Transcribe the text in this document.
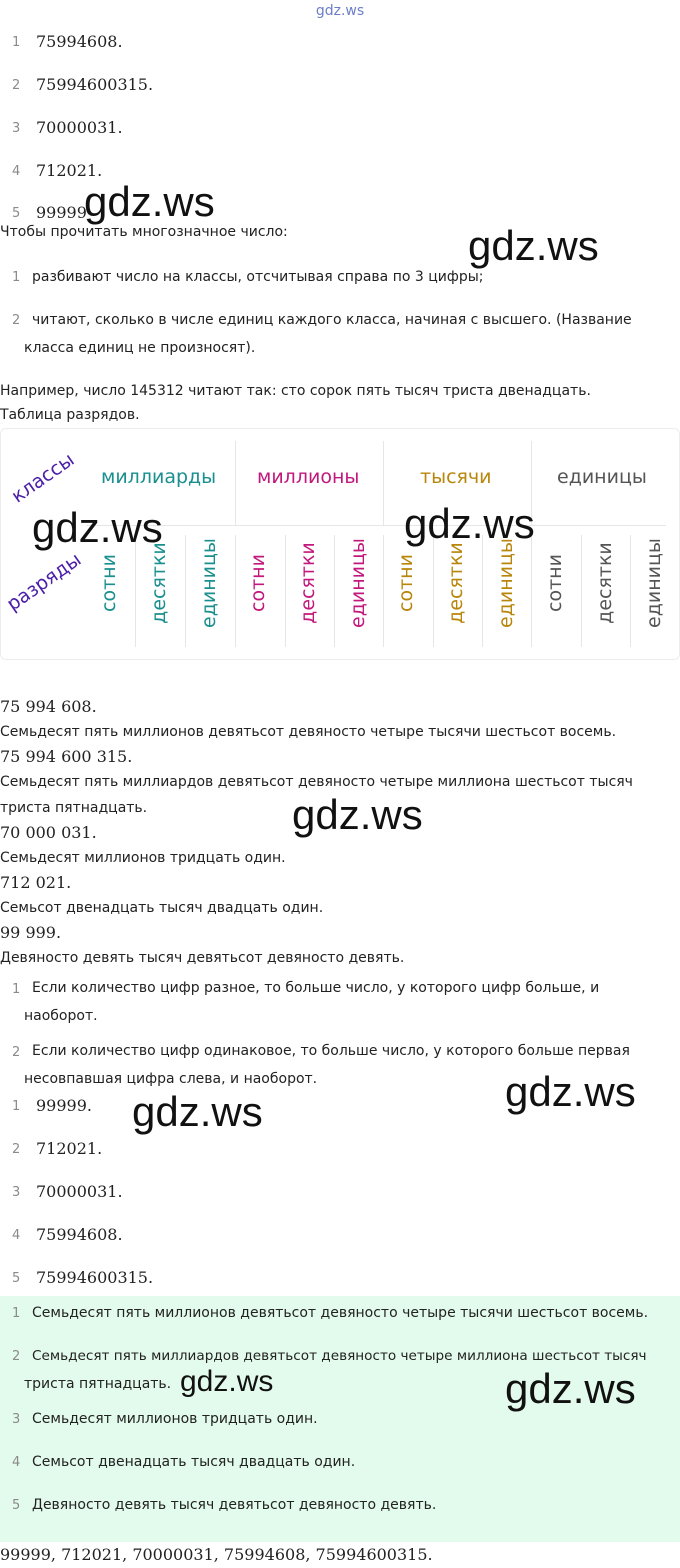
gdz.ws
1 75994608.
2 75994600315.
3 70000031.
4 712021.
5 99999
Чтобы прочитать многозначное число:
1 разбивают число на классы, отсчитывая справа по 3 цифры;
2 читают, сколько в числе единиц каждого класса, начиная с высшего. (Название
класса единиц не произносят).
Например, число 145312 читают так: сто сорок пять тысяч триста двенадцать.
Таблица разрядов.
классы
разряды
миллиарды миллионы	тысячи	единицы
сотни десятки единицы сотни десятки единицы сотни десятки единицы сотни десятки единицы
75 994 608.
Семьдесят пять миллионов девятьсот девяносто четыре тысячи шестьсот восемь.
75 994 600 315.
Семьдесят пять миллиардов девятьсот девяносто четыре миллиона шестьсот тысяч
триста пятнадцать.
70 000 031.
Семьдесят миллионов тридцать один.
712 021.
Семьсот двенадцать тысяч двадцать один.
99 999.
Девяносто девять тысяч девятьсот девяносто девять.
1 Если количество цифр разное, то больше число, у которого цифр больше, и
наоборот.
2 Если количество цифр одинаковое, то больше число, у которого больше первая
несовпавшая цифра слева, и наоборот.
1 99999.
2 712021.
3 70000031.
4 75994608.
5 75994600315.
1 Семьдесят пять миллионов девятьсот девяносто четыре тысячи шестьсот восемь.
2 Семьдесят пять миллиардов девятьсот девяносто четыре миллиона шестьсот тысяч
триста пятнадцать.
3 Семьдесят миллионов тридцать один.
4 Семьсот двенадцать тысяч двадцать один.
5 Девяносто девять тысяч девятьсот девяносто девять.
99999, 712021, 70000031, 75994608, 75994600315.
gdz.ws
gdz.ws
gdz.ws	gdz.ws
gdz.ws
gdz.ws
gdz.ws
gdz.ws	gdz.ws
